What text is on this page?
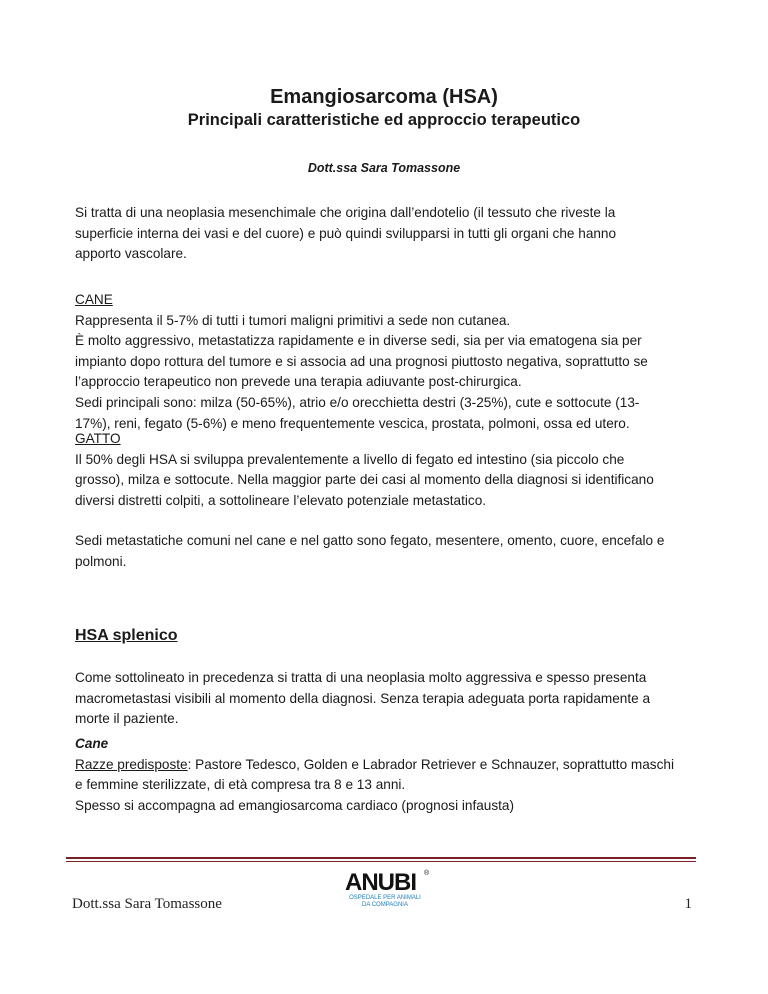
Emangiosarcoma (HSA)
Principali caratteristiche ed approccio terapeutico
Dott.ssa Sara Tomassone
Si tratta di una neoplasia mesenchimale che origina dall’endotelio (il tessuto che riveste la
superficie interna dei vasi e del cuore) e può quindi svilupparsi in tutti gli organi che hanno
apporto vascolare.
CANE
Rappresenta il 5-7% di tutti i tumori maligni primitivi a sede non cutanea.
È molto aggressivo, metastatizza rapidamente e in diverse sedi, sia per via ematogena sia per
impianto dopo rottura del tumore e si associa ad una prognosi piuttosto negativa, soprattutto se
l’approccio terapeutico non prevede una terapia adiuvante post-chirurgica.
Sedi principali sono: milza (50-65%), atrio e/o orecchietta destri (3-25%), cute e sottocute (13-
17%), reni, fegato (5-6%) e meno frequentemente vescica, prostata, polmoni, ossa ed utero.
GATTO
Il 50% degli HSA si sviluppa prevalentemente a livello di fegato ed intestino (sia piccolo che
grosso), milza e sottocute. Nella maggior parte dei casi al momento della diagnosi si identificano
diversi distretti colpiti, a sottolineare l’elevato potenziale metastatico.
Sedi metastatiche comuni nel cane e nel gatto sono fegato, mesentere, omento, cuore, encefalo e
polmoni.
HSA splenico
Come sottolineato in precedenza si tratta di una neoplasia molto aggressiva e spesso presenta
macrometastasi visibili al momento della diagnosi. Senza terapia adeguata porta rapidamente a
morte il paziente.
Cane
Razze predisposte: Pastore Tedesco, Golden e Labrador Retriever e Schnauzer, soprattutto maschi
e femmine sterilizzate, di età compresa tra 8 e 13 anni.
Spesso si accompagna ad emangiosarcoma cardiaco (prognosi infausta)
Dott.ssa Sara Tomassone
ANUBI ®
OSPEDALE PER ANIMALI
DA COMPAGNIA	1
